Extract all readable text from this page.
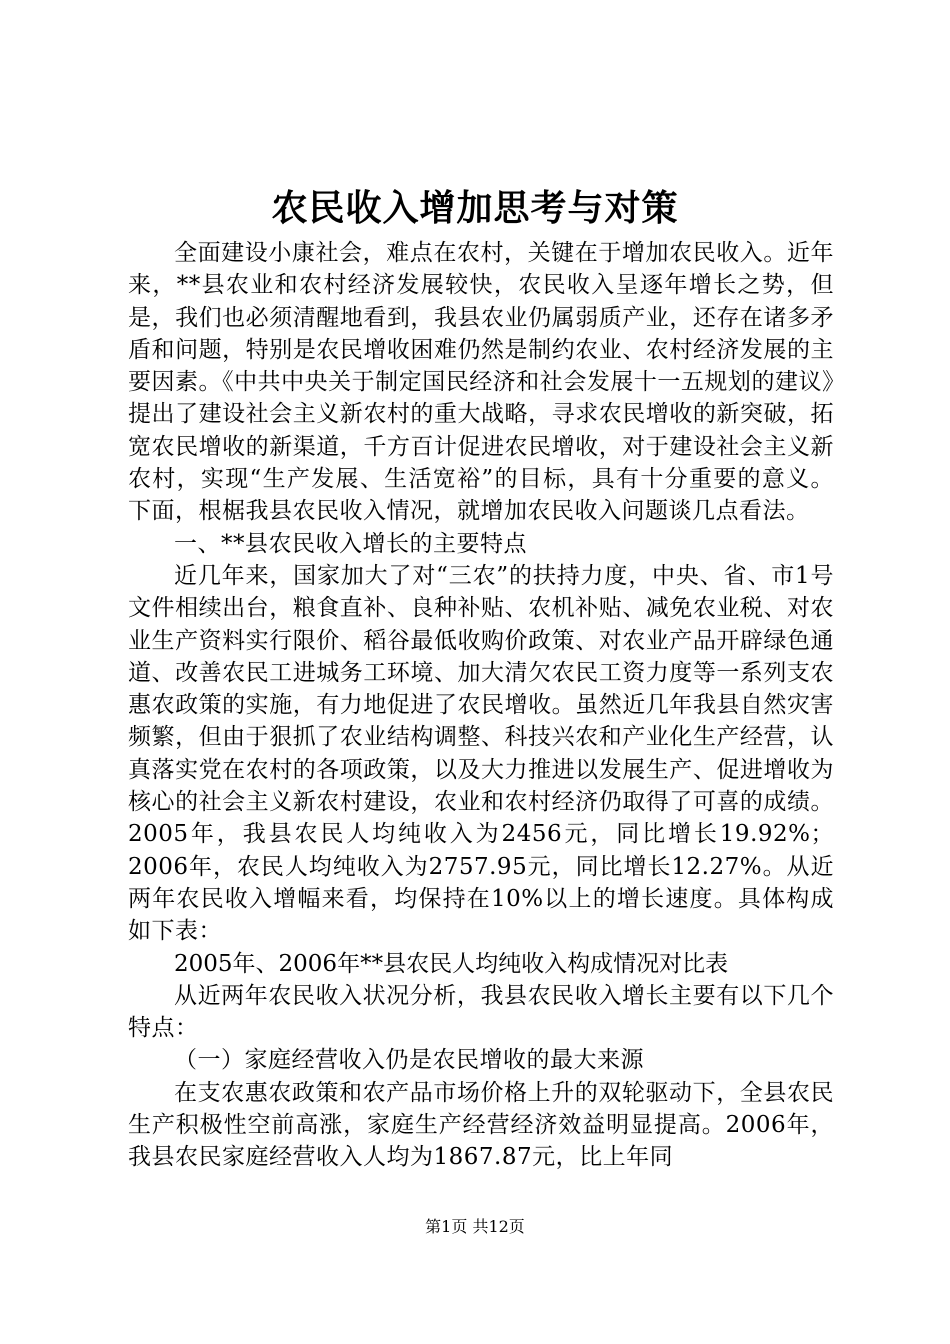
农民收入增加思考与对策

全面建设小康社会，难点在农村，关键在于增加农民收入。近年来，**县农业和农村经济发展较快，农民收入呈逐年增长之势，但是，我们也必须清醒地看到，我县农业仍属弱质产业，还存在诸多矛盾和问题，特别是农民增收困难仍然是制约农业、农村经济发展的主要因素。《中共中央关于制定国民经济和社会发展十一五规划的建议》提出了建设社会主义新农村的重大战略，寻求农民增收的新突破，拓宽农民增收的新渠道，千方百计促进农民增收，对于建设社会主义新农村，实现“生产发展、生活宽裕”的目标，具有十分重要的意义。下面，根椐我县农民收入情况，就增加农民收入问题谈几点看法。

一、**县农民收入增长的主要特点

近几年来，国家加大了对“三农”的扶持力度，中央、省、市1号文件相续出台，粮食直补、良种补贴、农机补贴、减免农业税、对农业生产资料实行限价、稻谷最低收购价政策、对农业产品开辟绿色通道、改善农民工进城务工环境、加大清欠农民工资力度等一系列支农惠农政策的实施，有力地促进了农民增收。虽然近几年我县自然灾害频繁，但由于狠抓了农业结构调整、科技兴农和产业化生产经营，认真落实党在农村的各项政策，以及大力推进以发展生产、促进增收为核心的社会主义新农村建设，农业和农村经济仍取得了可喜的成绩。2005年，我县农民人均纯收入为2456元，同比增长19.92%；2006年，农民人均纯收入为2757.95元，同比增长12.27%。从近两年农民收入增幅来看，均保持在10%以上的增长速度。具体构成如下表：

2005年、2006年**县农民人均纯收入构成情况对比表

从近两年农民收入状况分析，我县农民收入增长主要有以下几个特点：

（一）家庭经营收入仍是农民增收的最大来源

在支农惠农政策和农产品市场价格上升的双轮驱动下，全县农民生产积极性空前高涨，家庭生产经营经济效益明显提高。2006年，我县农民家庭经营收入人均为1867.87元，比上年同

第1页 共12页
